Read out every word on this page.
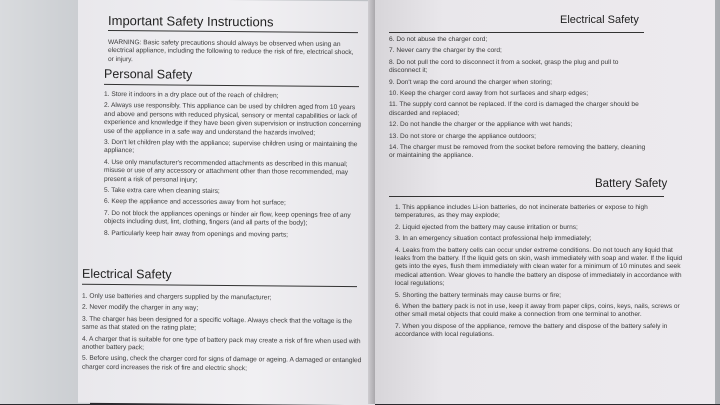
Important Safety Instructions

WARNING: Basic safety precautions should always be observed when using an electrical appliance, including the following to reduce the risk of fire, electrical shock, or injury.

Personal Safety

1. Store it indoors in a dry place out of the reach of children;

2. Always use responsibly. This appliance can be used by children aged from 10 years and above and persons with reduced physical, sensory or mental capabilities or lack of experience and knowledge if they have been given supervision or instruction concerning use of the appliance in a safe way and understand the hazards involved;

3. Don't let children play with the appliance; supervise children using or maintaining the appliance;

4. Use only manufacturer's recommended attachments as described in this manual; misuse or use of any accessory or attachment other than those recommended, may present a risk of personal injury;

5. Take extra care when cleaning stairs;

6. Keep the appliance and accessories away from hot surface;

7. Do not block the appliances openings or hinder air flow, keep openings free of any objects including dust, lint, clothing, fingers (and all parts of the body);

8. Particularly keep hair away from openings and moving parts;

Electrical Safety

1. Only use batteries and chargers supplied by the manufacturer;

2. Never modify the charger in any way;

3. The charger has been designed for a specific voltage. Always check that the voltage is the same as that stated on the rating plate;

4. A charger that is suitable for one type of battery pack may create a risk of fire when used with another battery pack;

5. Before using, check the charger cord for signs of damage or ageing. A damaged or entangled charger cord increases the risk of fire and electric shock;

Electrical Safety

6. Do not abuse the charger cord;

7. Never carry the charger by the cord;

8. Do not pull the cord to disconnect it from a socket, grasp the plug and pull to disconnect it;

9. Don't wrap the cord around the charger when storing;

10. Keep the charger cord away from hot surfaces and sharp edges;

11. The supply cord cannot be replaced. If the cord is damaged the charger should be discarded and replaced;

12. Do not handle the charger or the appliance with wet hands;

13. Do not store or charge the appliance outdoors;

14. The charger must be removed from the socket before removing the battery, cleaning or maintaining the appliance.

Battery Safety

1. This appliance includes Li-ion batteries, do not incinerate batteries or expose to high temperatures, as they may explode;

2. Liquid ejected from the battery may cause irritation or burns;

3. In an emergency situation contact professional help immediately;

4. Leaks from the battery cells can occur under extreme conditions. Do not touch any liquid that leaks from the battery. If the liquid gets on skin, wash immediately with soap and water. If the liquid gets into the eyes, flush them immediately with clean water for a minimum of 10 minutes and seek medical attention. Wear gloves to handle the battery an dispose of immediately in accordance with local regulations;

5. Shorting the battery terminals may cause burns or fire;

6. When the battery pack is not in use, keep it away from paper clips, coins, keys, nails, screws or other small metal objects that could make a connection from one terminal to another.

7. When you dispose of the appliance, remove the battery and dispose of the battery safely in accordance with local regulations.
